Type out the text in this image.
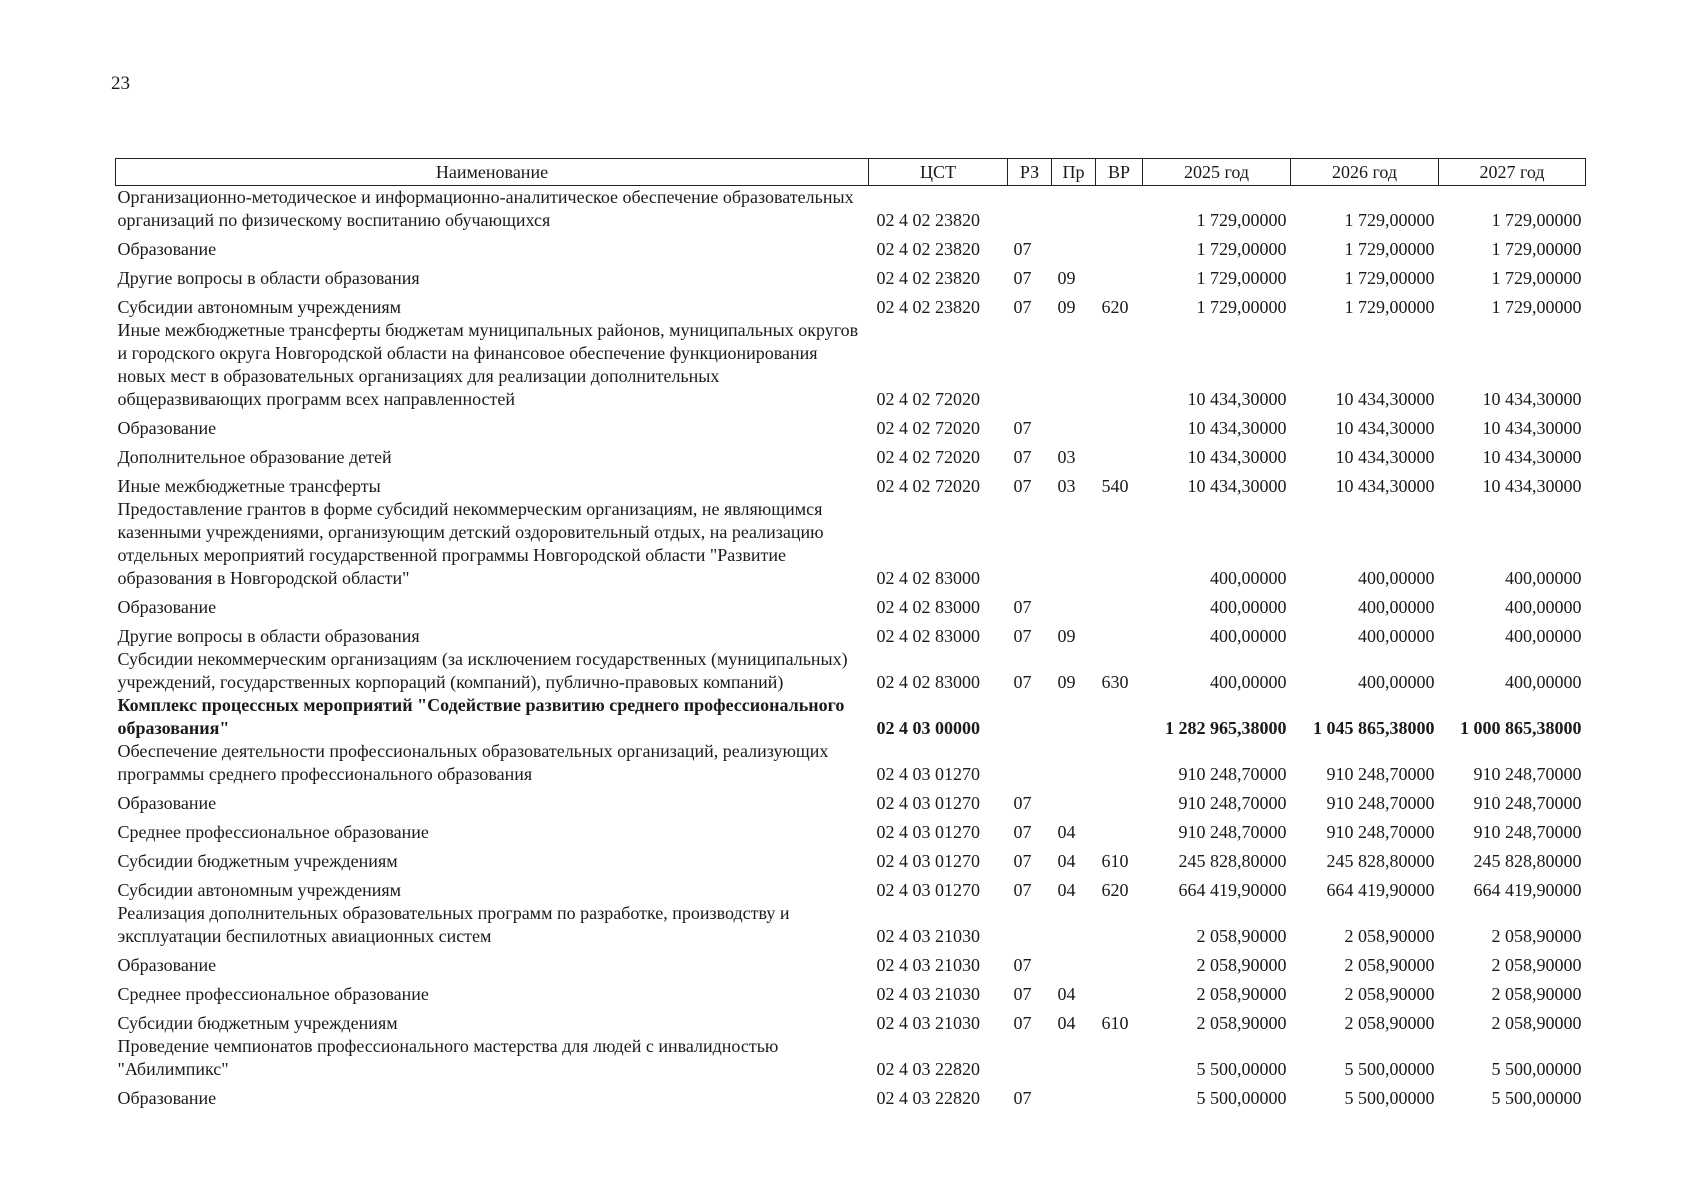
23
Наименование	ЦСТ	РЗ	Пр	ВР	2025 год	2026 год	2027 год
Организационно-методическое и информационно-аналитическое обеспечение образовательных организаций по физическому воспитанию обучающихся	02 4 02 23820				1 729,00000	1 729,00000	1 729,00000
Образование	02 4 02 23820	07			1 729,00000	1 729,00000	1 729,00000
Другие вопросы в области образования	02 4 02 23820	07	09		1 729,00000	1 729,00000	1 729,00000
Субсидии автономным учреждениям	02 4 02 23820	07	09	620	1 729,00000	1 729,00000	1 729,00000
Иные межбюджетные трансферты бюджетам муниципальных районов, муниципальных округов и городского округа Новгородской области на финансовое обеспечение функционирования новых мест в образовательных организациях для реализации дополнительных общеразвивающих программ всех направленностей	02 4 02 72020				10 434,30000	10 434,30000	10 434,30000
Образование	02 4 02 72020	07			10 434,30000	10 434,30000	10 434,30000
Дополнительное образование детей	02 4 02 72020	07	03		10 434,30000	10 434,30000	10 434,30000
Иные межбюджетные трансферты	02 4 02 72020	07	03	540	10 434,30000	10 434,30000	10 434,30000
Предоставление грантов в форме субсидий некоммерческим организациям, не являющимся казенными учреждениями, организующим детский оздоровительный отдых, на реализацию отдельных мероприятий государственной программы Новгородской области "Развитие образования в Новгородской области"	02 4 02 83000				400,00000	400,00000	400,00000
Образование	02 4 02 83000	07			400,00000	400,00000	400,00000
Другие вопросы в области образования	02 4 02 83000	07	09		400,00000	400,00000	400,00000
Субсидии некоммерческим организациям (за исключением государственных (муниципальных) учреждений, государственных корпораций (компаний), публично-правовых компаний)	02 4 02 83000	07	09	630	400,00000	400,00000	400,00000
Комплекс процессных мероприятий "Содействие развитию среднего профессионального образования"	02 4 03 00000				1 282 965,38000	1 045 865,38000	1 000 865,38000
Обеспечение деятельности профессиональных образовательных организаций, реализующих программы среднего профессионального образования	02 4 03 01270				910 248,70000	910 248,70000	910 248,70000
Образование	02 4 03 01270	07			910 248,70000	910 248,70000	910 248,70000
Среднее профессиональное образование	02 4 03 01270	07	04		910 248,70000	910 248,70000	910 248,70000
Субсидии бюджетным учреждениям	02 4 03 01270	07	04	610	245 828,80000	245 828,80000	245 828,80000
Субсидии автономным учреждениям	02 4 03 01270	07	04	620	664 419,90000	664 419,90000	664 419,90000
Реализация дополнительных образовательных программ по разработке, производству и эксплуатации беспилотных авиационных систем	02 4 03 21030				2 058,90000	2 058,90000	2 058,90000
Образование	02 4 03 21030	07			2 058,90000	2 058,90000	2 058,90000
Среднее профессиональное образование	02 4 03 21030	07	04		2 058,90000	2 058,90000	2 058,90000
Субсидии бюджетным учреждениям	02 4 03 21030	07	04	610	2 058,90000	2 058,90000	2 058,90000
Проведение чемпионатов профессионального мастерства для людей с инвалидностью "Абилимпикс"	02 4 03 22820				5 500,00000	5 500,00000	5 500,00000
Образование	02 4 03 22820	07			5 500,00000	5 500,00000	5 500,00000
